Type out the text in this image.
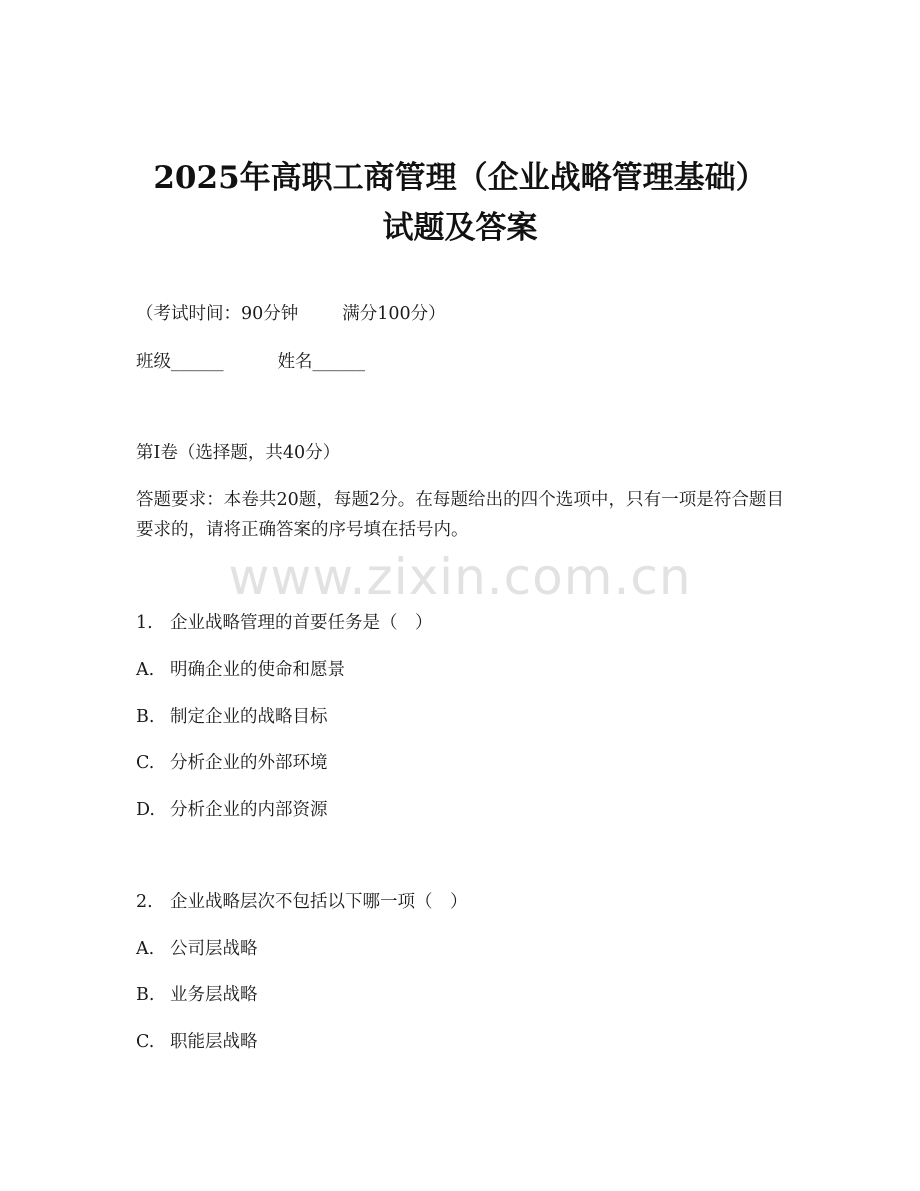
2025年高职工商管理（企业战略管理基础）
试题及答案
（考试时间：90分钟	满分100分）
班级______	姓名______
第I卷（选择题，共40分）
答题要求：本卷共20题，每题2分。在每题给出的四个选项中，只有一项是符合题目要求的，请将正确答案的序号填在括号内。
www.zixin.com.cn
1. 企业战略管理的首要任务是（　）
A. 明确企业的使命和愿景
B. 制定企业的战略目标
C. 分析企业的外部环境
D. 分析企业的内部资源
2. 企业战略层次不包括以下哪一项（　）
A. 公司层战略
B. 业务层战略
C. 职能层战略
